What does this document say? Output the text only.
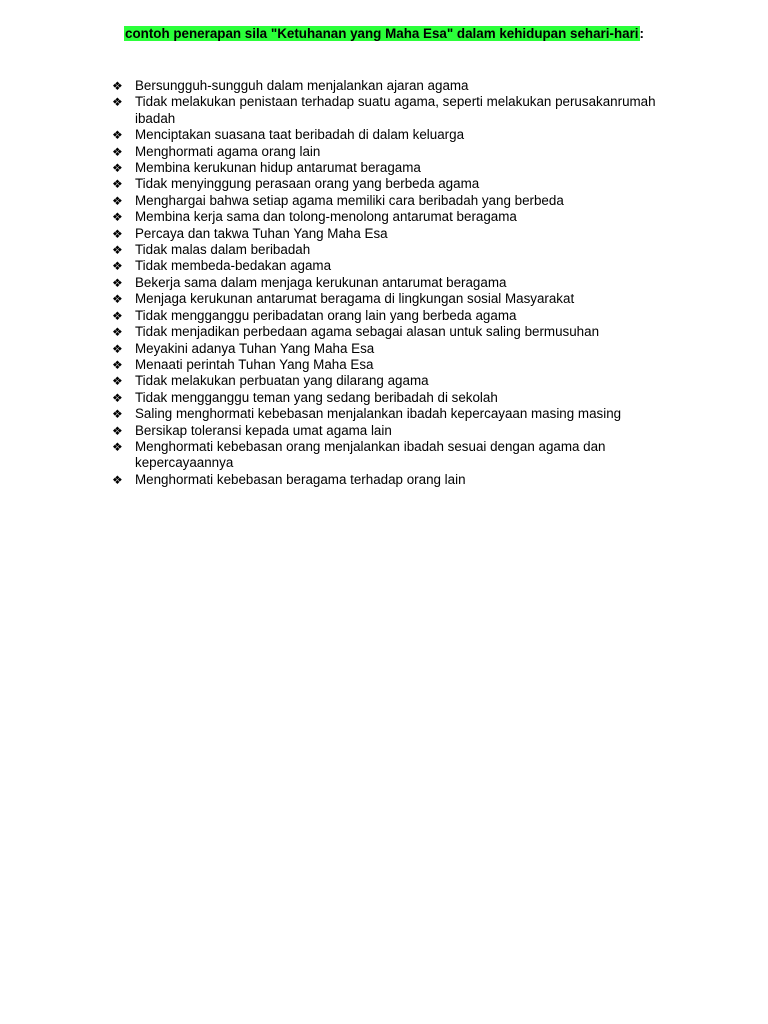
contoh penerapan sila "Ketuhanan yang Maha Esa" dalam kehidupan sehari-hari:
❖ Bersungguh-sungguh dalam menjalankan ajaran agama
❖ Tidak melakukan penistaan terhadap suatu agama, seperti melakukan perusakanrumah ibadah
❖ Menciptakan suasana taat beribadah di dalam keluarga
❖ Menghormati agama orang lain
❖ Membina kerukunan hidup antarumat beragama
❖ Tidak menyinggung perasaan orang yang berbeda agama
❖ Menghargai bahwa setiap agama memiliki cara beribadah yang berbeda
❖ Membina kerja sama dan tolong-menolong antarumat beragama
❖ Percaya dan takwa Tuhan Yang Maha Esa
❖ Tidak malas dalam beribadah
❖ Tidak membeda-bedakan agama
❖ Bekerja sama dalam menjaga kerukunan antarumat beragama
❖ Menjaga kerukunan antarumat beragama di lingkungan sosial Masyarakat
❖ Tidak mengganggu peribadatan orang lain yang berbeda agama
❖ Tidak menjadikan perbedaan agama sebagai alasan untuk saling bermusuhan
❖ Meyakini adanya Tuhan Yang Maha Esa
❖ Menaati perintah Tuhan Yang Maha Esa
❖ Tidak melakukan perbuatan yang dilarang agama
❖ Tidak mengganggu teman yang sedang beribadah di sekolah
❖ Saling menghormati kebebasan menjalankan ibadah kepercayaan masing masing
❖ Bersikap toleransi kepada umat agama lain
❖ Menghormati kebebasan orang menjalankan ibadah sesuai dengan agama dan kepercayaannya
❖ Menghormati kebebasan beragama terhadap orang lain
